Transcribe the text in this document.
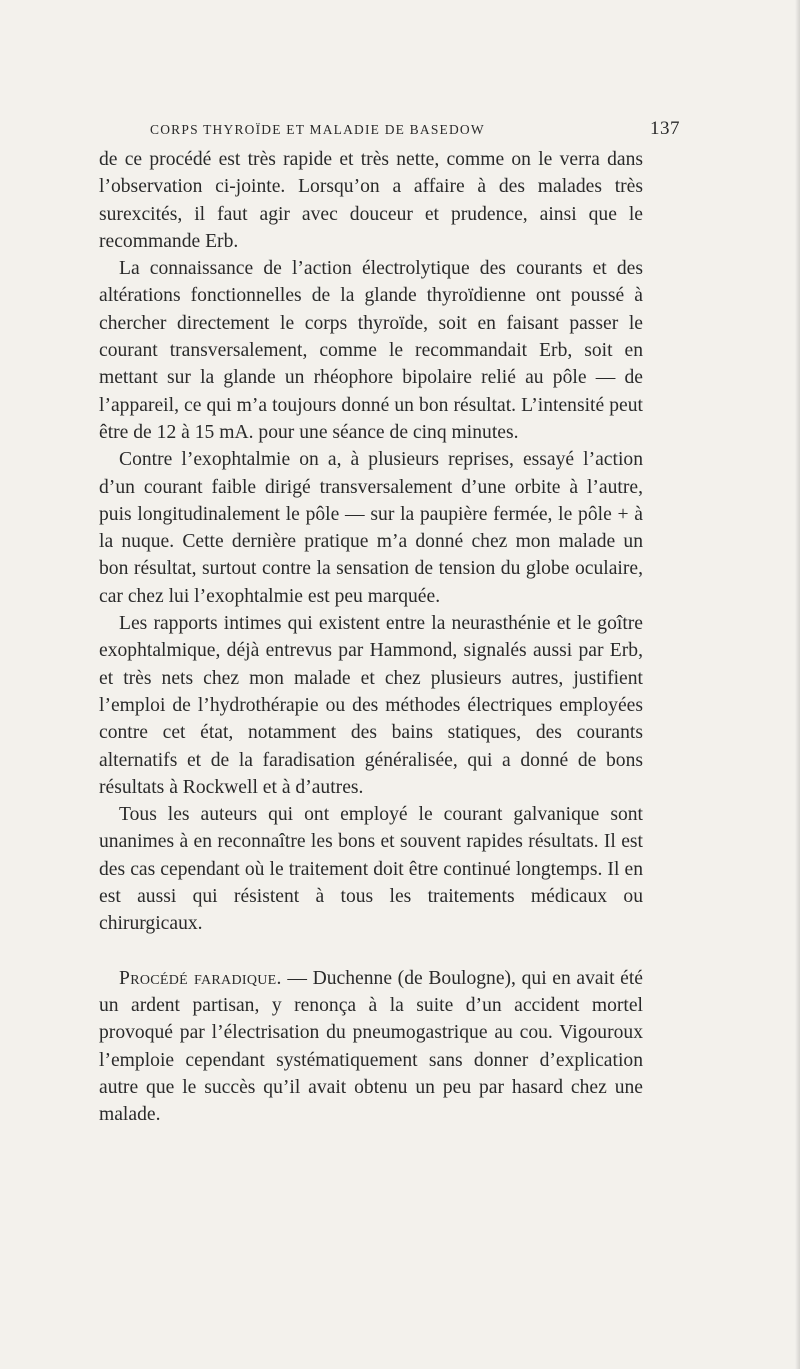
CORPS THYROÏDE ET MALADIE DE BASEDOW	137

de ce procédé est très rapide et très nette, comme on le verra dans l’observation ci-jointe. Lorsqu’on a affaire à des malades très surexcités, il faut agir avec douceur et prudence, ainsi que le recommande Erb.

La connaissance de l’action électrolytique des courants et des altérations fonctionnelles de la glande thyroïdienne ont poussé à chercher directement le corps thyroïde, soit en faisant passer le courant transversalement, comme le recommandait Erb, soit en mettant sur la glande un rhéophore bipolaire relié au pôle — de l’appareil, ce qui m’a toujours donné un bon résultat. L’intensité peut être de 12 à 15 mA. pour une séance de cinq minutes.

Contre l’exophtalmie on a, à plusieurs reprises, essayé l’action d’un courant faible dirigé transversalement d’une orbite à l’autre, puis longitudinalement le pôle — sur la paupière fermée, le pôle + à la nuque. Cette dernière pratique m’a donné chez mon malade un bon résultat, surtout contre la sensation de tension du globe oculaire, car chez lui l’exophtalmie est peu marquée.

Les rapports intimes qui existent entre la neurasthénie et le goître exophtalmique, déjà entrevus par Hammond, signalés aussi par Erb, et très nets chez mon malade et chez plusieurs autres, justifient l’emploi de l’hydrothérapie ou des méthodes électriques employées contre cet état, notamment des bains statiques, des courants alternatifs et de la faradisation généralisée, qui a donné de bons résultats à Rockwell et à d’autres.

Tous les auteurs qui ont employé le courant galvanique sont unanimes à en reconnaître les bons et souvent rapides résultats. Il est des cas cependant où le traitement doit être continué longtemps. Il en est aussi qui résistent à tous les traitements médicaux ou chirurgicaux.

Procédé faradique. — Duchenne (de Boulogne), qui en avait été un ardent partisan, y renonça à la suite d’un accident mortel provoqué par l’électrisation du pneumogastrique au cou. Vigouroux l’emploie cependant systématiquement sans donner d’explication autre que le succès qu’il avait obtenu un peu par hasard chez une malade.
